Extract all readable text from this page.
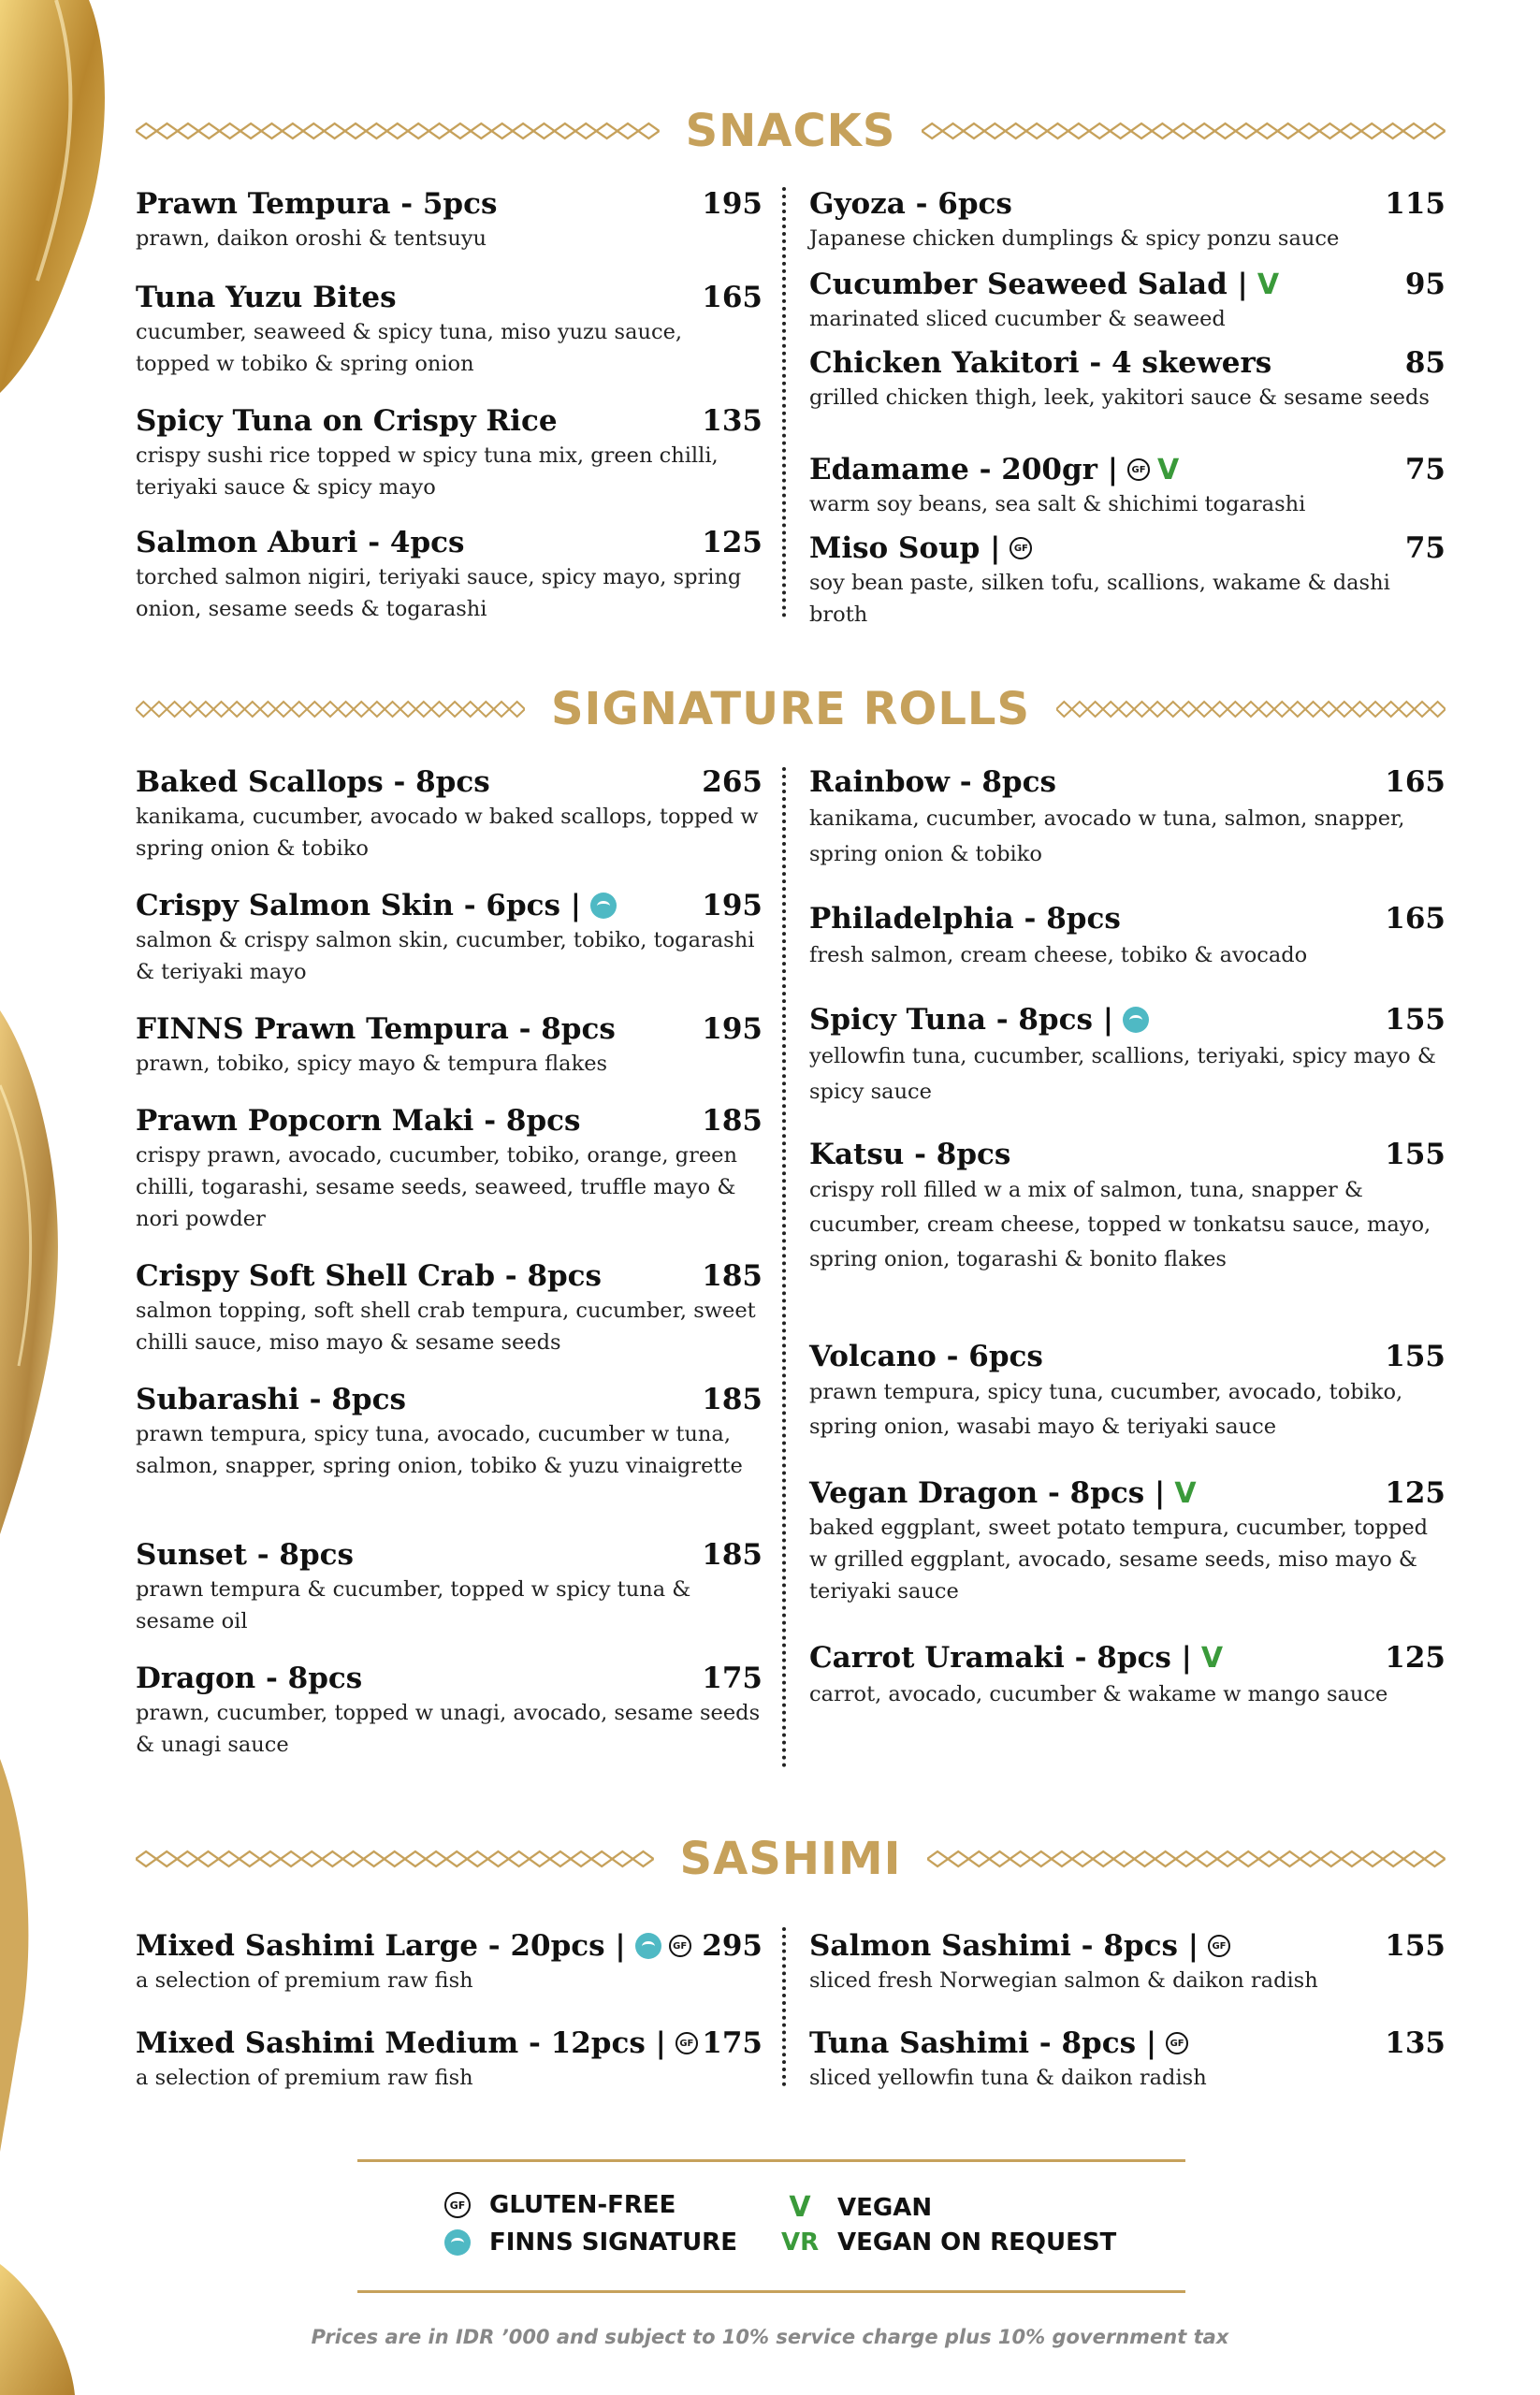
SNACKS
Prawn Tempura - 5pcs	195
prawn, daikon oroshi & tentsuyu
Tuna Yuzu Bites	165
cucumber, seaweed & spicy tuna, miso yuzu sauce, topped w tobiko & spring onion
Spicy Tuna on Crispy Rice	135
crispy sushi rice topped w spicy tuna mix, green chilli, teriyaki sauce & spicy mayo
Salmon Aburi - 4pcs	125
torched salmon nigiri, teriyaki sauce, spicy mayo, spring onion, sesame seeds & togarashi
Gyoza - 6pcs	115
Japanese chicken dumplings & spicy ponzu sauce
Cucumber Seaweed Salad | V	95
marinated sliced cucumber & seaweed
Chicken Yakitori - 4 skewers	85
grilled chicken thigh, leek, yakitori sauce & sesame seeds
Edamame - 200gr |	GF V	75
warm soy beans, sea salt & shichimi togarashi
Miso Soup |	GF	75
soy bean paste, silken tofu, scallions, wakame & dashi broth
SIGNATURE ROLLS
Baked Scallops - 8pcs	265
kanikama, cucumber, avocado w baked scallops, topped w spring onion & tobiko
Crispy Salmon Skin - 6pcs |	195
salmon & crispy salmon skin, cucumber, tobiko, togarashi & teriyaki mayo
FINNS Prawn Tempura - 8pcs	195
prawn, tobiko, spicy mayo & tempura flakes
Prawn Popcorn Maki - 8pcs	185
crispy prawn, avocado, cucumber, tobiko, orange, green chilli, togarashi, sesame seeds, seaweed, truffle mayo & nori powder
Crispy Soft Shell Crab - 8pcs	185
salmon topping, soft shell crab tempura, cucumber, sweet chilli sauce, miso mayo & sesame seeds
Subarashi - 8pcs	185
prawn tempura, spicy tuna, avocado, cucumber w tuna, salmon, snapper, spring onion, tobiko & yuzu vinaigrette
Sunset - 8pcs	185
prawn tempura & cucumber, topped w spicy tuna & sesame oil
Dragon - 8pcs	175
prawn, cucumber, topped w unagi, avocado, sesame seeds & unagi sauce
Rainbow - 8pcs	165
kanikama, cucumber, avocado w tuna, salmon, snapper, spring onion & tobiko
Philadelphia - 8pcs	165
fresh salmon, cream cheese, tobiko & avocado
Spicy Tuna - 8pcs |	155
yellowfin tuna, cucumber, scallions, teriyaki, spicy mayo & spicy sauce
Katsu - 8pcs	155
crispy roll filled w a mix of salmon, tuna, snapper & cucumber, cream cheese, topped w tonkatsu sauce, mayo, spring onion, togarashi & bonito flakes
Volcano - 6pcs	155
prawn tempura, spicy tuna, cucumber, avocado, tobiko, spring onion, wasabi mayo & teriyaki sauce
Vegan Dragon - 8pcs | V	125
baked eggplant, sweet potato tempura, cucumber, topped w grilled eggplant, avocado, sesame seeds, miso mayo & teriyaki sauce
Carrot Uramaki - 8pcs | V	125
carrot, avocado, cucumber & wakame w mango sauce
SASHIMI
Mixed Sashimi Large - 20pcs |	GF 295
a selection of premium raw fish
Mixed Sashimi Medium - 12pcs |	GF 175
a selection of premium raw fish
Salmon Sashimi - 8pcs |	GF	155
sliced fresh Norwegian salmon & daikon radish
Tuna Sashimi - 8pcs |	GF	135
sliced yellowfin tuna & daikon radish
GF GLUTEN-FREE
FINNS SIGNATURE
V	VEGAN
VR VEGAN ON REQUEST
Prices are in IDR ’000 and subject to 10% service charge plus 10% government tax
